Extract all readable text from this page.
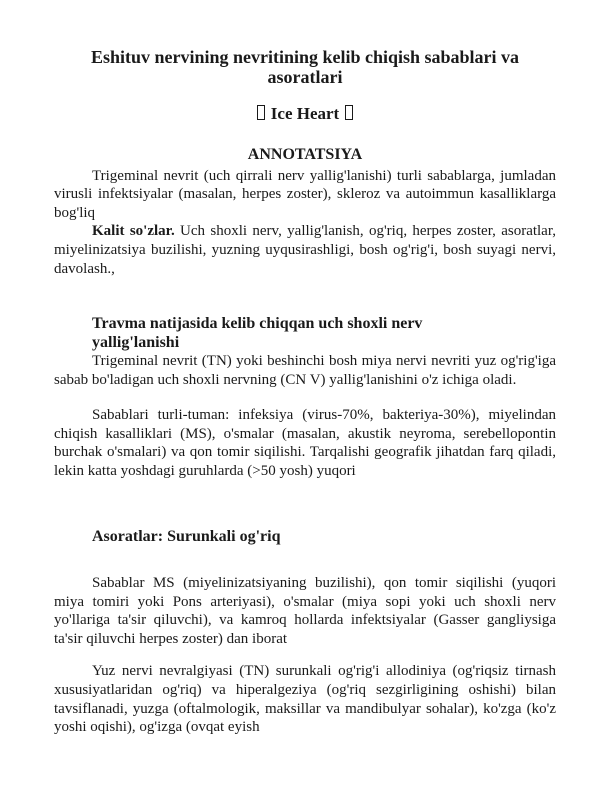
Eshituv nervining nevritining kelib chiqish sabablari va asoratlari
Ice Heart
ANNOTATSIYA

Trigeminal nevrit (uch qirrali nerv yallig'lanishi) turli sabablarga, jumladan virusli infektsiyalar (masalan, herpes zoster), skleroz va autoimmun kasalliklarga bog'liq

Kalit so'zlar. Uch shoxli nerv, yallig'lanish, og'riq, herpes zoster, asoratlar, miyelinizatsiya buzilishi, yuzning uyqusirashligi, bosh og'rig'i, bosh suyagi nervi, davolash.,

Travma natijasida kelib chiqqan uch shoxli nerv yallig'lanishi

Trigeminal nevrit (TN) yoki beshinchi bosh miya nervi nevriti yuz og'rig'iga sabab bo'ladigan uch shoxli nervning (CN V) yallig'lanishini o'z ichiga oladi.

Sabablari turli-tuman: infeksiya (virus-70%, bakteriya-30%), miyelindan chiqish kasalliklari (MS), o'smalar (masalan, akustik neyroma, serebellopontin burchak o'smalari) va qon tomir siqilishi. Tarqalishi geografik jihatdan farq qiladi, lekin katta yoshdagi guruhlarda (>50 yosh) yuqori

Asoratlar: Surunkali og'riq

Sabablar MS (miyelinizatsiyaning buzilishi), qon tomir siqilishi (yuqori miya tomiri yoki Pons arteriyasi), o'smalar (miya sopi yoki uch shoxli nerv yo'llariga ta'sir qiluvchi), va kamroq hollarda infektsiyalar (Gasser gangliysiga ta'sir qiluvchi herpes zoster) dan iborat

Yuz nervi nevralgiyasi (TN) surunkali og'rig'i allodiniya (og'riqsiz tirnash xususiyatlaridan og'riq) va hiperalgeziya (og'riq sezgirligining oshishi) bilan tavsiflanadi, yuzga (oftalmologik, maksillar va mandibulyar sohalar), ko'zga (ko'z yoshi oqishi), og'izga (ovqat eyish
